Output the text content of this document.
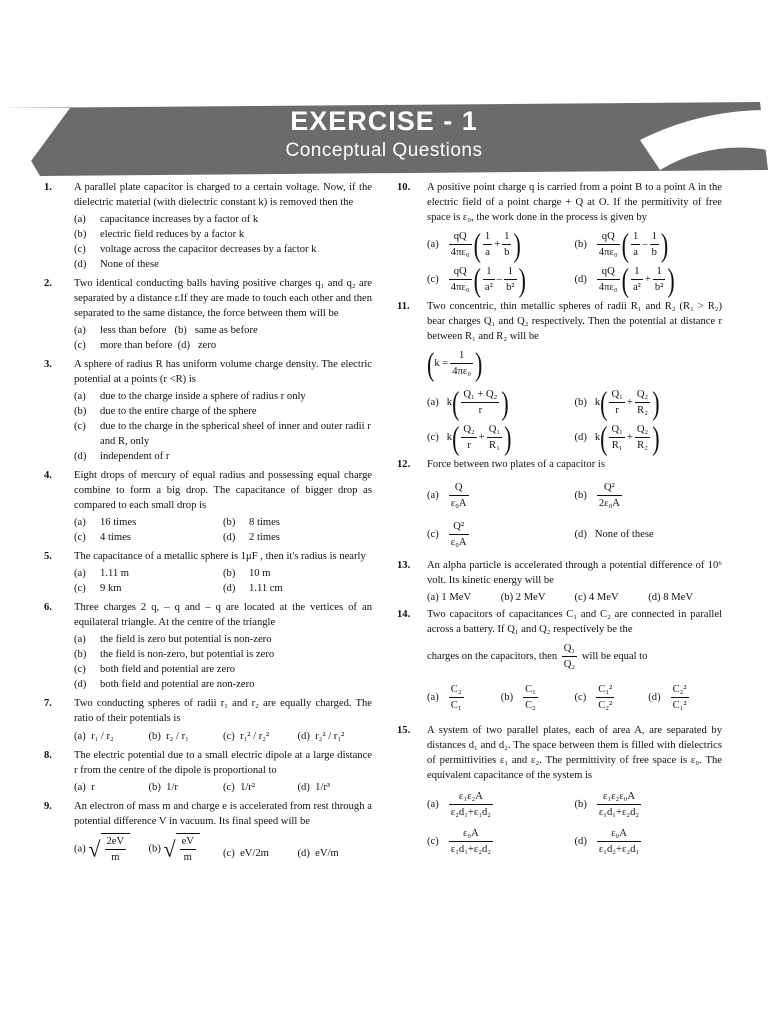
EXERCISE - 1
Conceptual Questions
1. A parallel plate capacitor is charged to a certain voltage. Now, if the dielectric material (with dielectric constant k) is removed then the
(a) capacitance increases by a factor of k
(b) electric field reduces by a factor k
(c) voltage across the capacitor decreases by a factor k
(d) None of these
2. Two identical conducting balls having positive charges q₁ and q₂ are separated by a distance r.If they are made to touch each other and then separated to the same distance, the force between them will be
(a) less than before (b) same as before
(c) more than before (d) zero
3. A sphere of radius R has uniform volume charge density. The electric potential at a points (r <R) is
(a) due to the charge inside a sphere of radius r only
(b) due to the entire charge of the sphere
(c) due to the charge in the spherical sheel of inner and outer radii r and R, only
(d) independent of r
4. Eight drops of mercury of equal radius and possessing equal charge combine to form a big drop. The capacitance of bigger drop as compared to each small drop is
(a) 16 times	(b) 8 times
(c) 4 times	(d) 2 times
5. The capacitance of a metallic sphere is 1μF , then it's radius is nearly
(a) 1.11 m	(b) 10 m
(c) 9 km	(d) 1.11 cm
6. Three charges 2 q, – q and – q are located at the vertices of an equilateral triangle. At the centre of the triangle
(a) the field is zero but potential is non-zero
(b) the field is non-zero, but potential is zero
(c) both field and potential are zero
(d) both field and potential are non-zero
7. Two conducting spheres of radii r₁ and r₂ are equally charged. The ratio of their potentials is
(a) r₁ / r₂	(b) r₂ / r₁	(c) r₁² / r₂²	(d) r₂² / r₁²
8. The electric potential due to a small electric dipole at a large distance r from the centre of the dipole is proportional to
(a) r	(b) 1/r	(c) 1/r²	(d) 1/r³
9. An electron of mass m and charge e is accelerated from rest through a potential difference V in vacuum. Its final speed will be
(a) √ $\frac{2eV}{m} (b)$ √ $\frac{eV}{m}$	(c) eV/2m	(d) eV/m
10. A positive point charge q is carried from a point B to a point A in the electric field of a point charge + Q at O. If the permitivity of free space is ε₀, the work done in the process is given by
$(a) \frac{qQ}{\text{4πε₀}}$ ( $\frac{1}{a} + \frac{1}{b}$ )	$(b) \frac{qQ}{\text{4πε₀}}$ ( $\frac{1}{a} - \frac{1}{b}$ )
$(c) \frac{qQ}{\text{4πε₀}}$ ( $\frac{1}{\text{a²}} - \frac{1}{\text{b²}}$ )	$(d) \frac{qQ}{\text{4πε₀}}$ ( $\frac{1}{\text{a²}} + \frac{1}{\text{b²}}$ )
11. Two concentric, thin metallic spheres of radii R₁ and R₂ (R₁ > R₂) bear charges Q₁ and Q₂ respectively. Then the potential at distance r between R₁ and R₂ will be
( $k = \frac{1}{\text{4πε₀}}$ )
(a) k ( $\frac{\text{Q₁ + Q₂}}{r}$ )	(b) k ( $\frac{\text{Q₁}}{r} + \frac{\text{Q₂}}{\text{R₂}}$ )
(c) k ( $\frac{\text{Q₂}}{r} + \frac{\text{Q₁}}{\text{R₁}}$ )	(d) k ( $\frac{\text{Q₁}}{\text{R₁}} + \frac{\text{Q₂}}{\text{R₂}}$ )
12. Force between two plates of a capacitor is
$(a) \frac{Q}{\text{ε₀A}}$	$(b) \frac{\text{Q²}}{\text{2ε₀A}}$
$(c) \frac{\text{Q²}}{\text{ε₀A}}$	(d) None of these
13. An alpha particle is accelerated through a potential difference of 10⁶ volt. Its kinetic energy will be
(a) 1 MeV	(b) 2 MeV	(c) 4 MeV	(d) 8 MeV
14. Two capacitors of capacitances C₁ and C₂ are connected in parallel across a battery. If Q₁ and Q₂ respectively be the
charges on the capacitors, then $\frac{\text{Q₁}}{\text{Q₂}}$ will be equal to
$(a) \frac{\text{C₂}}{\text{C₁}}$	$(b) \frac{\text{C₁}}{\text{C₂}}$	$(c) \frac{\text{C₁²}}{\text{C₂²}}$	$(d) \frac{\text{C₂²}}{\text{C₁²}}$
15. A system of two parallel plates, each of area A, are separated by distances d₁ and d₂. The space between them is filled with dielectrics of permittivities ε₁ and ε₂. The permittivity of free space is ε₀. The equivalent capacitance of the system is
$(a) \frac{\text{ε₁ε₂A}}{\text{ε₂d₁+ε₁d₂}}$	$(b) \frac{\text{ε₁ε₂ε₀A}}{\text{ε₁d₁+ε₂d₂}}$
$(c) \frac{\text{ε₀A}}{\text{ε₁d₁+ε₂d₂}}$	$(d) \frac{\text{ε₀A}}{\text{ε₁d₂+ε₂d₁}}$
